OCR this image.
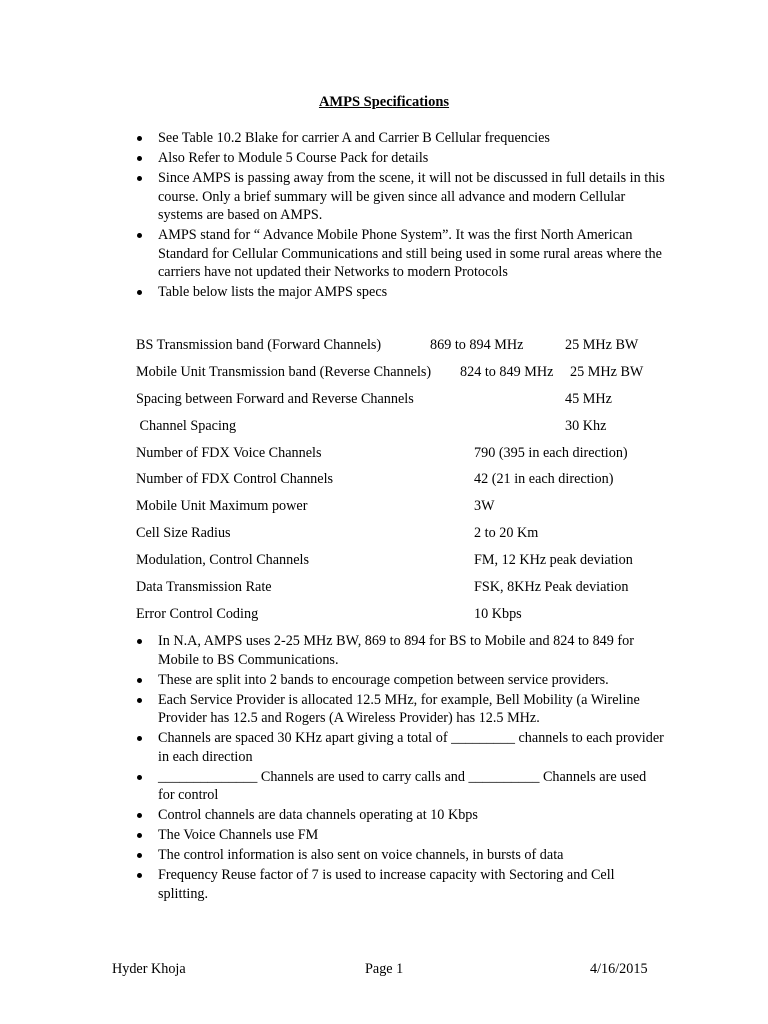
AMPS Specifications
See Table 10.2 Blake for carrier A and Carrier B Cellular frequencies
Also Refer to Module 5 Course Pack for details
Since AMPS is passing away from the scene, it will not be discussed in full details in this course. Only a brief summary will be given since all advance and modern Cellular systems are based on AMPS.
AMPS stand for “ Advance Mobile Phone System”. It was the first North American Standard for Cellular Communications and still being used in some rural areas where the carriers have not updated their Networks to modern Protocols
Table below lists the major AMPS specs
BS Transmission band (Forward Channels)	869 to 894 MHz	25 MHz BW
Mobile Unit Transmission band (Reverse Channels) 824 to 849 MHz 25 MHz BW
Spacing between Forward and Reverse Channels	45 MHz
Channel Spacing	30 Khz
Number of FDX Voice Channels	790 (395 in each direction)
Number of FDX Control Channels	42 (21 in each direction)
Mobile Unit Maximum power	3W
Cell Size Radius	2 to 20 Km
Modulation, Control Channels	FM, 12 KHz peak deviation
Data Transmission Rate	FSK, 8KHz Peak deviation
Error Control Coding	10 Kbps
In N.A, AMPS uses 2-25 MHz BW, 869 to 894 for BS to Mobile and 824 to 849 for Mobile to BS Communications.
These are split into 2 bands to encourage competion between service providers.
Each Service Provider is allocated 12.5 MHz, for example, Bell Mobility (a Wireline Provider has 12.5 and Rogers (A Wireless Provider) has 12.5 MHz.
Channels are spaced 30 KHz apart giving a total of _________ channels to each provider in each direction
______________ Channels are used to carry calls and __________ Channels are used for control
Control channels are data channels operating at 10 Kbps
The Voice Channels use FM
The control information is also sent on voice channels, in bursts of data
Frequency Reuse factor of 7 is used to increase capacity with Sectoring and Cell splitting.
Hyder Khoja	Page 1	4/16/2015
